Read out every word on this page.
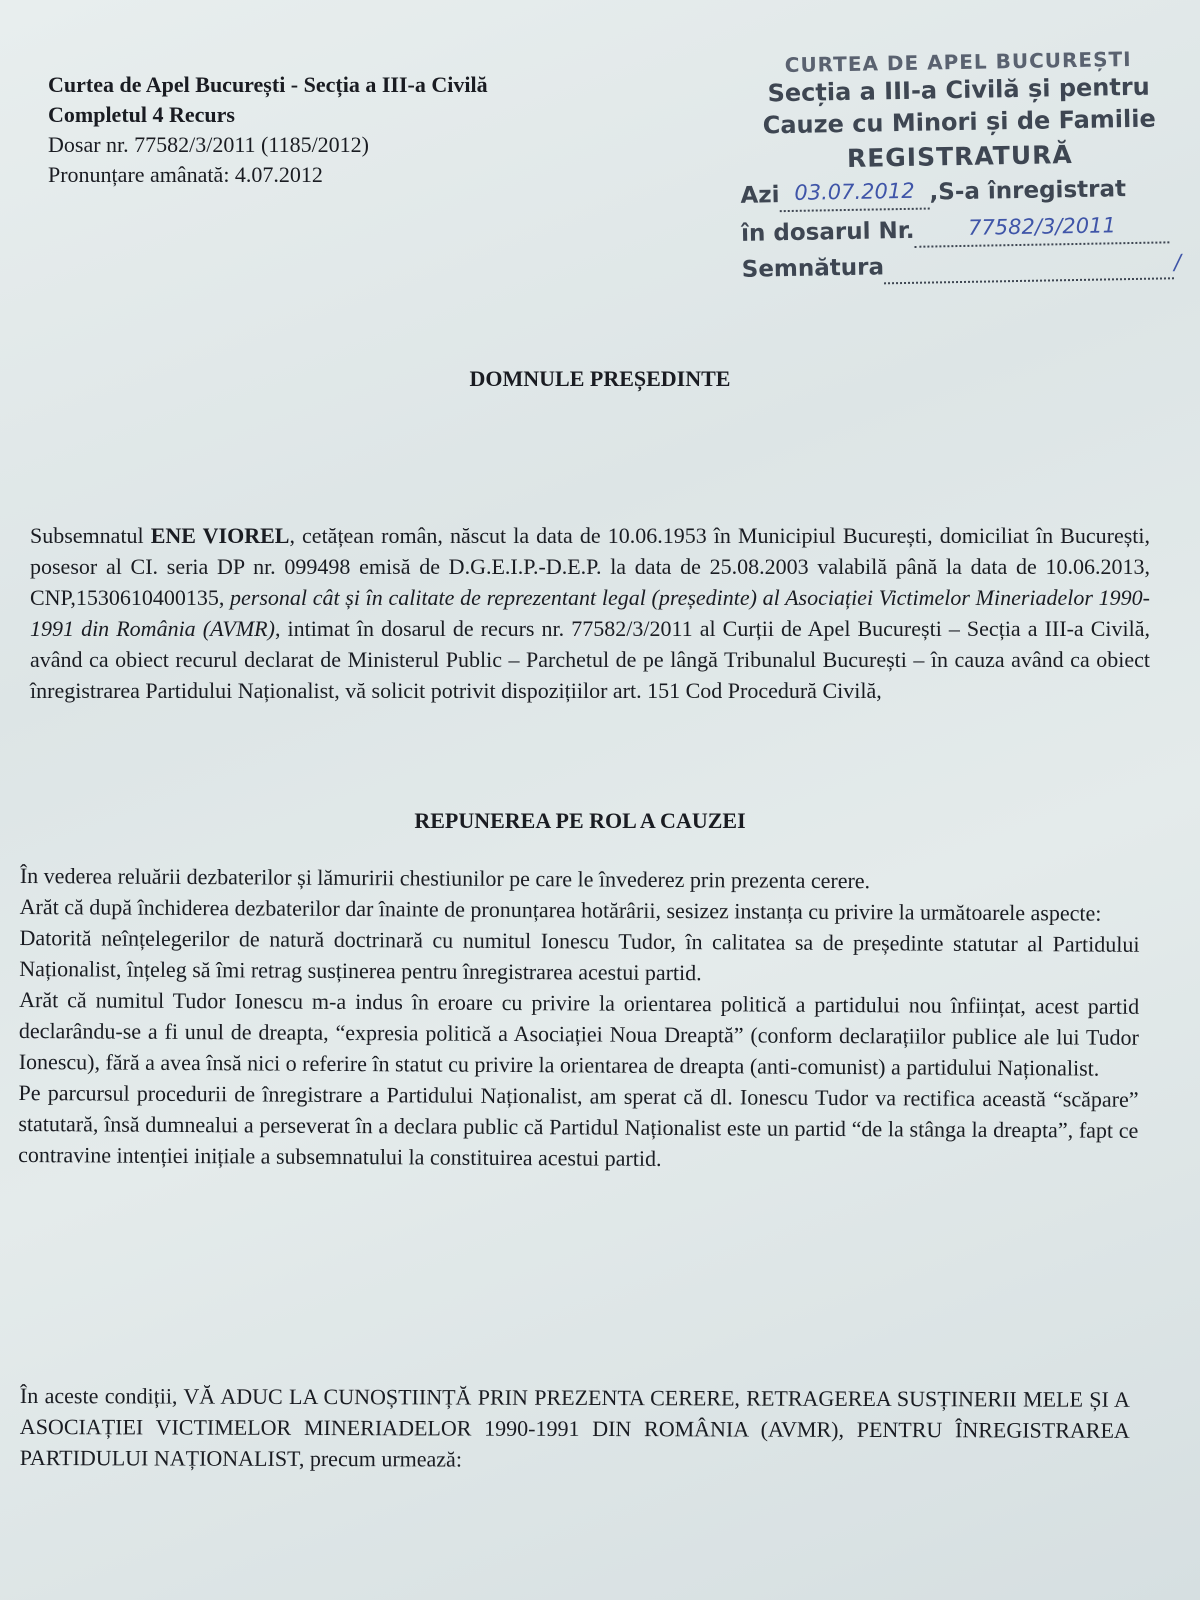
Curtea de Apel București - Secția a III-a Civilă
Completul 4 Recurs
Dosar nr. 77582/3/2011 (1185/2012)
Pronunțare amânată: 4.07.2012
CURTEA DE APEL BUCUREȘTI
Secția a III-a Civilă și pentru
Cauze cu Minori și de Familie
REGISTRATURĂ
Azi 03.07.2012 ,S-a înregistrat
în dosarul Nr.	77582/3/2011
Semnătura	/
DOMNULE PREȘEDINTE
Subsemnatul ENE VIOREL, cetățean român, născut la data de 10.06.1953 în Municipiul București, domiciliat în București, posesor al CI. seria DP nr. 099498 emisă de D.G.E.I.P.-D.E.P. la data de 25.08.2003 valabilă până la data de 10.06.2013, CNP,1530610400135, personal cât și în calitate de reprezentant legal (președinte) al Asociației Victimelor Mineriadelor 1990-1991 din România (AVMR), intimat în dosarul de recurs nr. 77582/3/2011 al Curții de Apel București – Secția a III-a Civilă, având ca obiect recurul declarat de Ministerul Public – Parchetul de pe lângă Tribunalul București – în cauza având ca obiect înregistrarea Partidului Naționalist, vă solicit potrivit dispozițiilor art. 151 Cod Procedură Civilă,
REPUNEREA PE ROL A CAUZEI

În vederea reluării dezbaterilor și lămuririi chestiunilor pe care le învederez prin prezenta cerere.

Arăt că după închiderea dezbaterilor dar înainte de pronunțarea hotărârii, sesizez instanța cu privire la următoarele aspecte:

Datorită neînțelegerilor de natură doctrinară cu numitul Ionescu Tudor, în calitatea sa de președinte statutar al Partidului Naționalist, înțeleg să îmi retrag susținerea pentru înregistrarea acestui partid.

Arăt că numitul Tudor Ionescu m-a indus în eroare cu privire la orientarea politică a partidului nou înființat, acest partid declarându-se a fi unul de dreapta, “expresia politică a Asociației Noua Dreaptă” (conform declarațiilor publice ale lui Tudor Ionescu), fără a avea însă nici o referire în statut cu privire la orientarea de dreapta (anti-comunist) a partidului Naționalist.

Pe parcursul procedurii de înregistrare a Partidului Naționalist, am sperat că dl. Ionescu Tudor va rectifica această “scăpare” statutară, însă dumnealui a perseverat în a declara public că Partidul Naționalist este un partid “de la stânga la dreapta”, fapt ce contravine intenției inițiale a subsemnatului la constituirea acestui partid.

În aceste condiții, VĂ ADUC LA CUNOȘTIINȚĂ PRIN PREZENTA CERERE, RETRAGEREA SUSȚINERII MELE ȘI A ASOCIAȚIEI VICTIMELOR MINERIADELOR 1990-1991 DIN ROMÂNIA (AVMR), PENTRU ÎNREGISTRAREA PARTIDULUI NAȚIONALIST, precum urmează:
